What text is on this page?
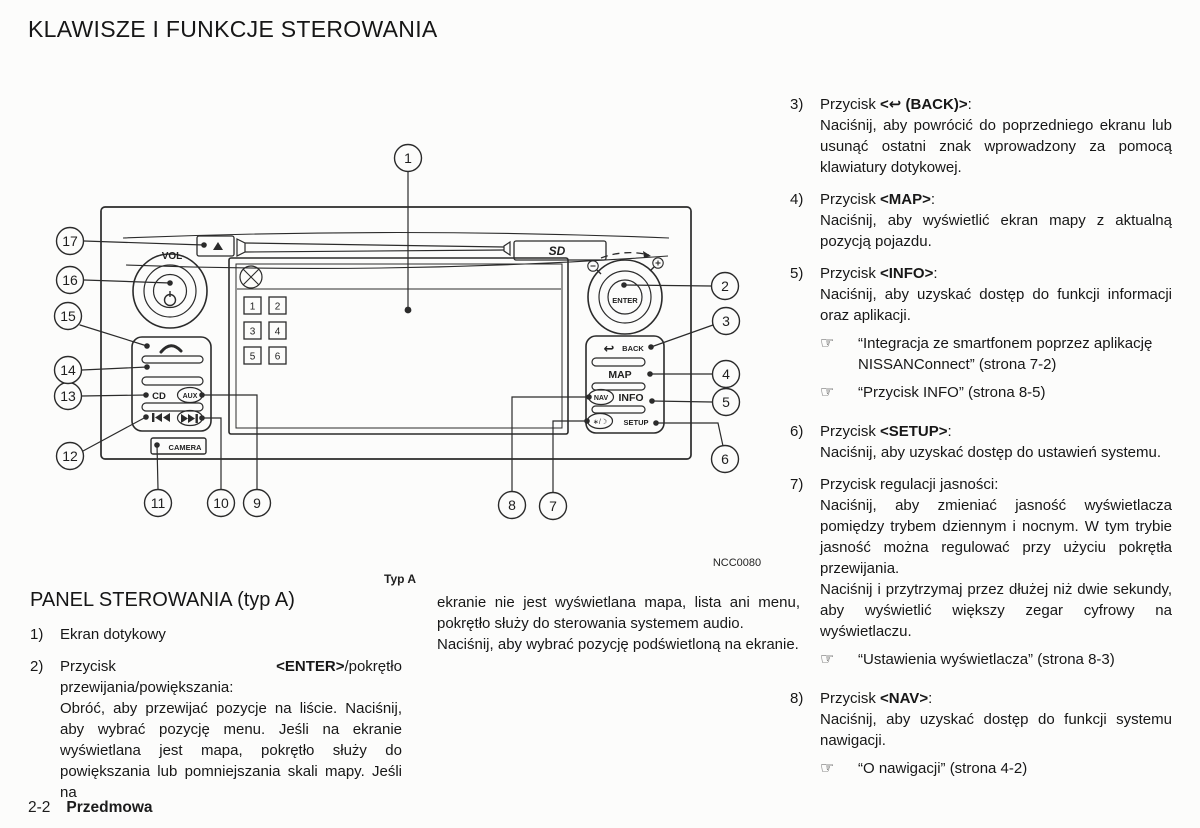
KLAWISZE I FUNKCJE STEROWANIA
SD
VOL
ENTER
1 2
3 4
5 6
CD AUX
CAMERA
↩ BACK
MAP
NAV INFO
∗/☽ SETUP
1
2
3
4
5
6
7
8
9
10
11
12
13
14
15
16
17
NCC0080
Typ A
3)	Przycisk <↩ (BACK)>:

Naciśnij, aby powrócić do poprzedniego ekranu lub usunąć ostatni znak wprowadzony za pomocą klawiatury dotykowej.

4)	Przycisk <MAP>:

Naciśnij, aby wyświetlić ekran mapy z aktualną pozycją pojazdu.

5)	Przycisk <INFO>:

Naciśnij, aby uzyskać dostęp do funkcji informacji oraz aplikacji.

☞	“Integracja ze smartfonem poprzez aplikację NISSANConnect” (strona 7-2)
☞	“Przycisk INFO” (strona 8-5)
6)	Przycisk <SETUP>:

Naciśnij, aby uzyskać dostęp do ustawień systemu.

7)	Przycisk regulacji jasności:

Naciśnij, aby zmieniać jasność wyświetlacza pomiędzy trybem dziennym i nocnym. W tym trybie jasność można regulować przy użyciu pokrętła przewijania.

Naciśnij i przytrzymaj przez dłużej niż dwie sekundy, aby wyświetlić większy zegar cyfrowy na wyświetlaczu.

☞	“Ustawienia wyświetlacza” (strona 8-3)
8)	Przycisk <NAV>:

Naciśnij, aby uzyskać dostęp do funkcji systemu nawigacji.

☞	“O nawigacji” (strona 4-2)
PANEL STEROWANIA (typ A)
1)	Ekran dotykowy
2)	Przycisk <ENTER>/pokrętło przewijania/powiększania:

Obróć, aby przewijać pozycje na liście. Naciśnij, aby wybrać pozycję menu. Jeśli na ekranie wyświetlana jest mapa, pokrętło służy do powiększania lub pomniejszania skali mapy. Jeśli na

ekranie nie jest wyświetlana mapa, lista ani menu, pokrętło służy do sterowania systemem audio.

Naciśnij, aby wybrać pozycję podświetloną na ekranie.

2-2 Przedmowa
